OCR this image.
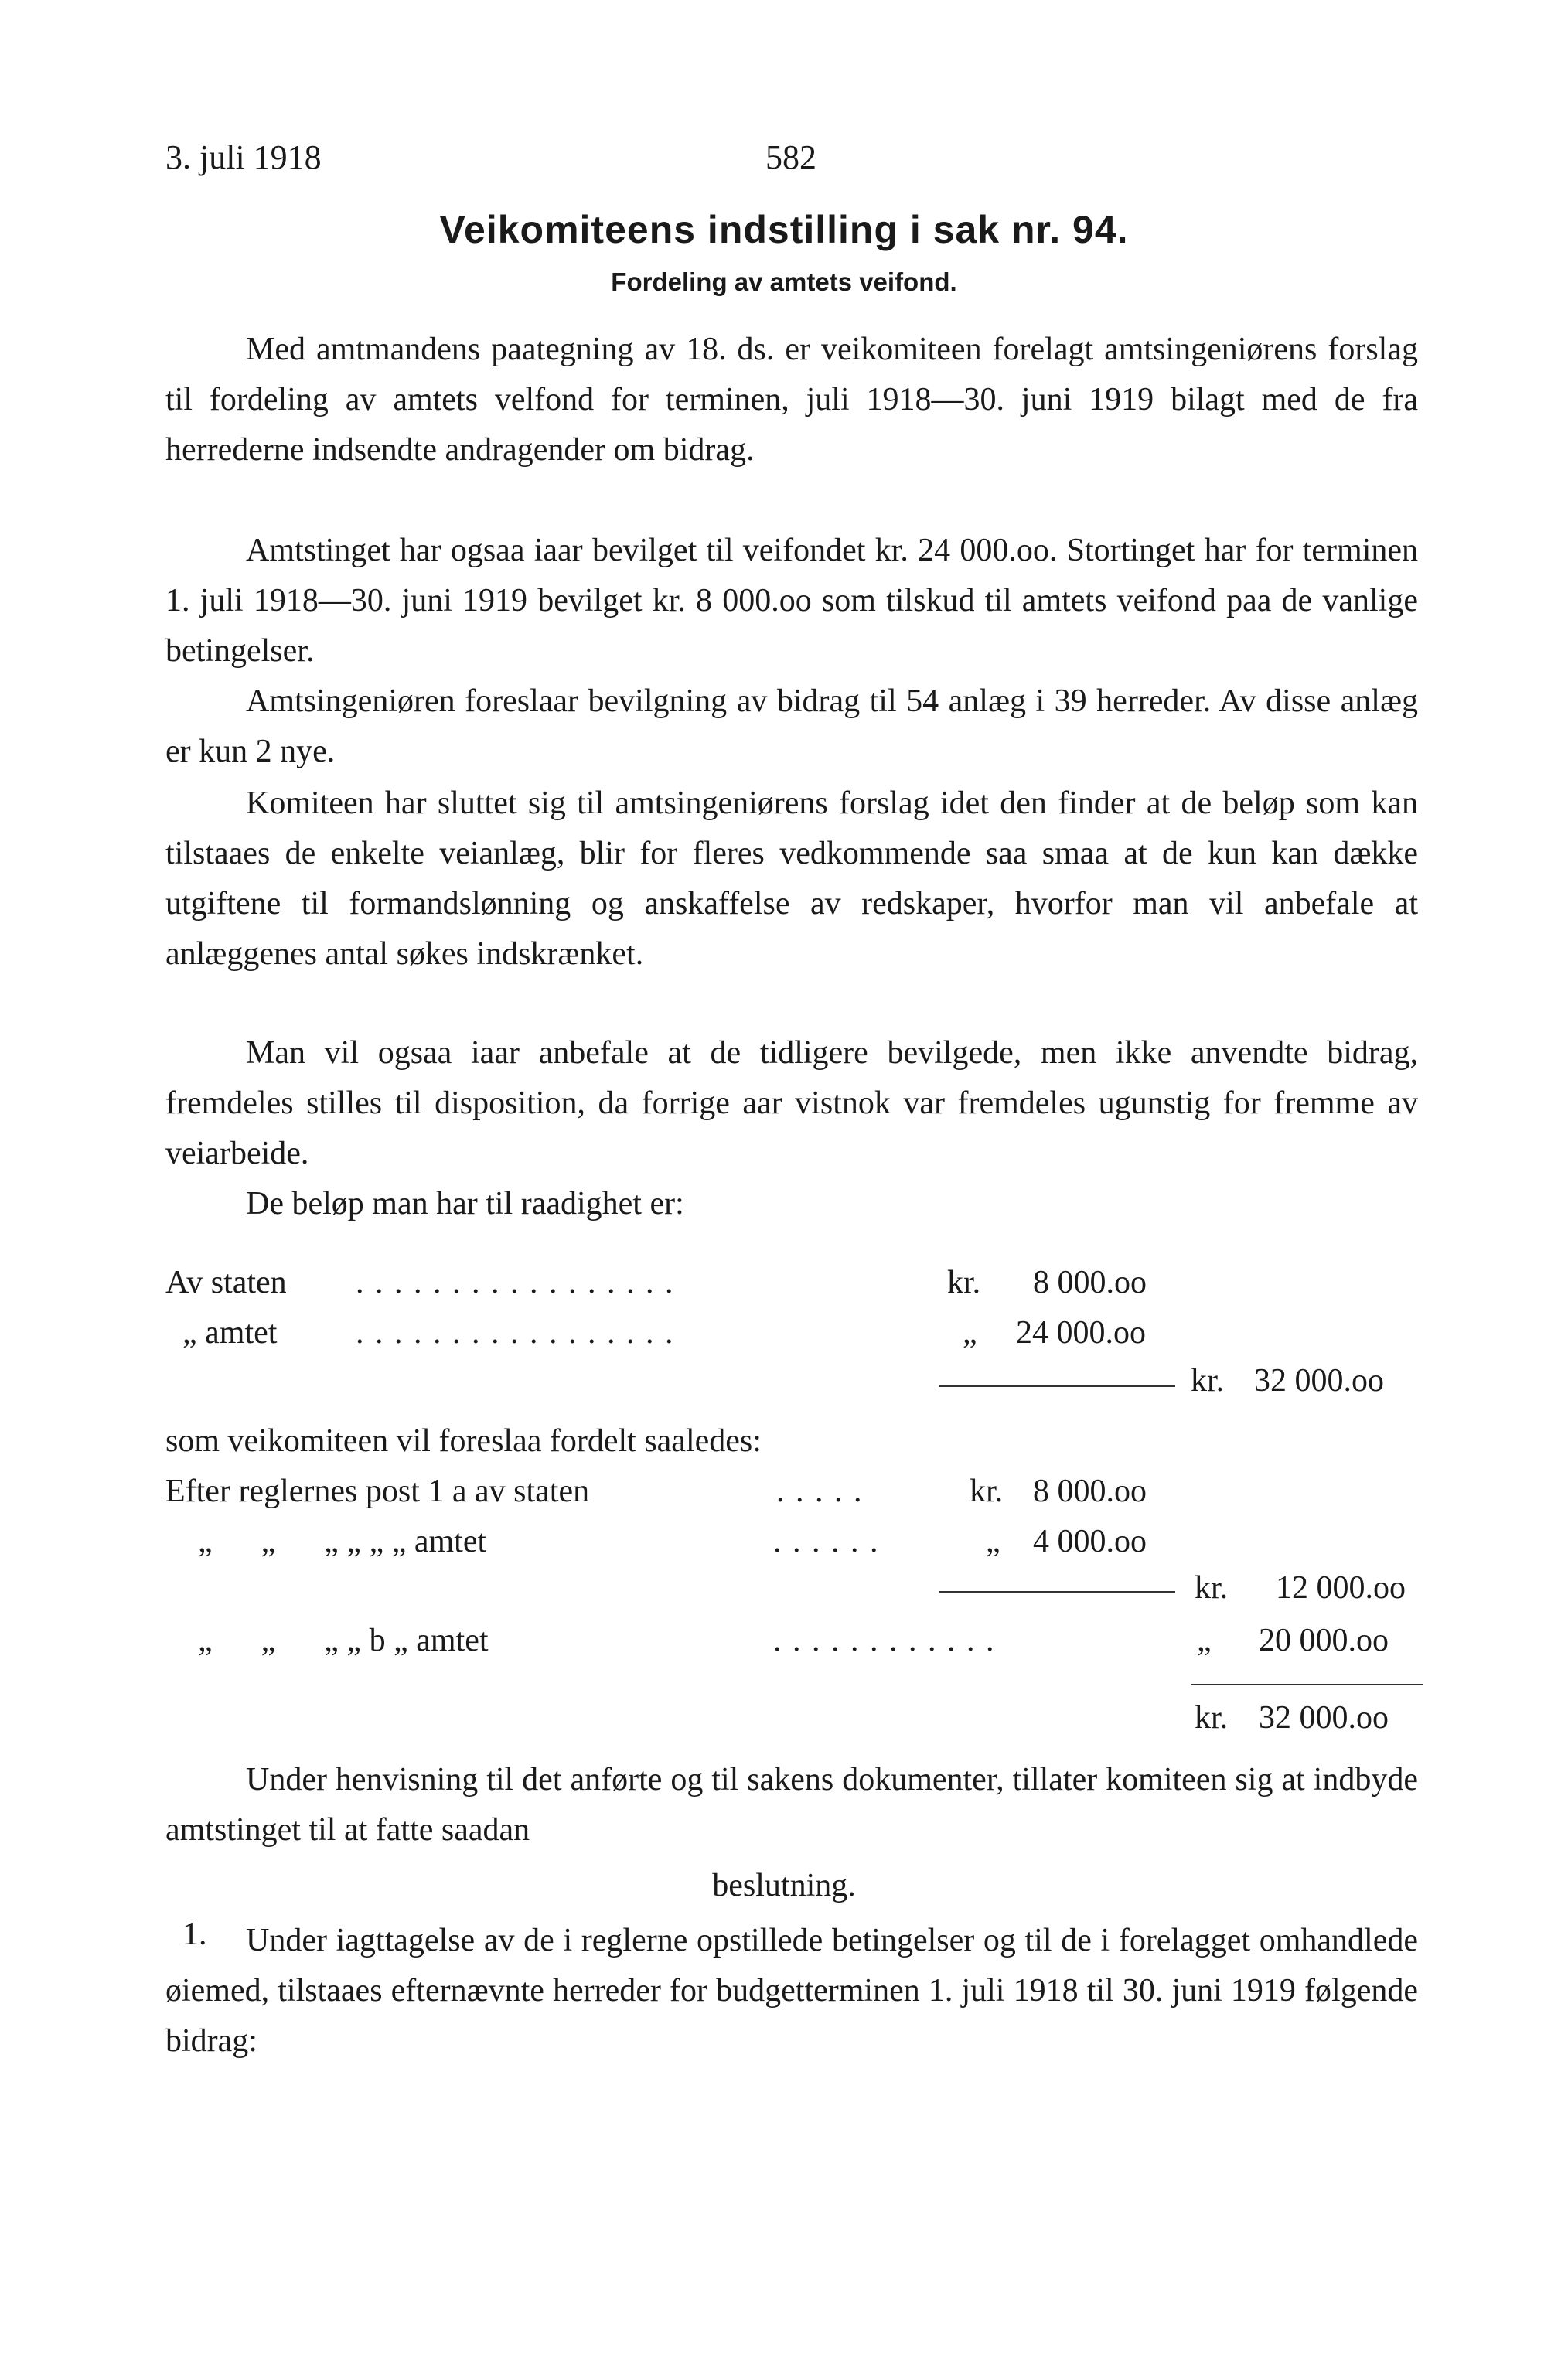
3. juli 1918	582
Veikomiteens indstilling i sak nr. 94.
Fordeling av amtets veifond.

Med amtmandens paategning av 18. ds. er veikomiteen forelagt amtsingeniørens forslag til fordeling av amtets velfond for terminen, juli 1918—30. juni 1919 bilagt med de fra herrederne indsendte andragender om bidrag.

Amtstinget har ogsaa iaar bevilget til veifondet kr. 24 000.oo. Stortinget har for terminen 1. juli 1918—30. juni 1919 bevilget kr. 8 000.oo som tilskud til amtets veifond paa de vanlige betingelser.

Amtsingeniøren foreslaar bevilgning av bidrag til 54 anlæg i 39 herreder. Av disse anlæg er kun 2 nye.

Komiteen har sluttet sig til amtsingeniørens forslag idet den finder at de beløp som kan tilstaaes de enkelte veianlæg, blir for fleres vedkommende saa smaa at de kun kan dække utgiftene til formandslønning og anskaffelse av redskaper, hvorfor man vil anbefale at anlæggenes antal søkes indskrænket.

Man vil ogsaa iaar anbefale at de tidligere bevilgede, men ikke anvendte bidrag, fremdeles stilles til disposition, da forrige aar vistnok var fremdeles ugunstig for fremme av veiarbeide.

De beløp man har til raadighet er:

Av staten . . . . . . . . . . . . . . . . .	kr. 8 000.oo
„ amtet . . . . . . . . . . . . . . . . .	„ 24 000.oo
kr. 32 000.oo
som veikomiteen vil foreslaa fordelt saaledes:
Efter reglernes post 1 a av staten	. . . . .	kr. 8 000.oo
„      „      „ „ „ „ amtet	. . . . . .	„ 4 000.oo
kr. 12 000.oo
„      „      „ „ b „ amtet	. . . . . . . . . . . .	„ 20 000.oo
kr. 32 000.oo

Under henvisning til det anførte og til sakens dokumenter, tillater komiteen sig at indbyde amtstinget til at fatte saadan

beslutning.
1.	Under iagttagelse av de i reglerne opstillede betingelser og til de i forelagget omhandlede øiemed, tilstaaes efternævnte herreder for budgetterminen 1. juli 1918 til 30. juni 1919 følgende bidrag:
